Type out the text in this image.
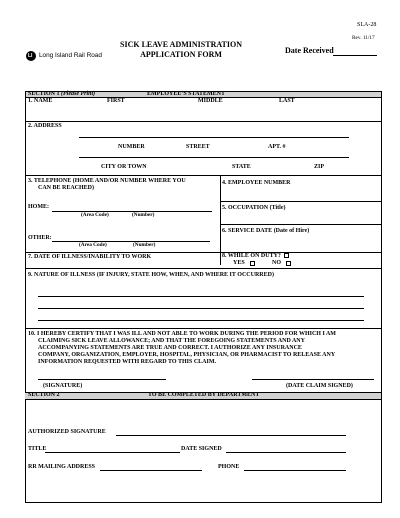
SLA-28
Rev. 11/17
LI Long Island Rail Road
SICK LEAVE ADMINISTRATION
APPLICATION FORM	Date Received
SECTION 1 (Please Print)	EMPLOYEE’S STATEMENT
1. NAME	FIRST	MIDDLE	LAST
2. ADDRESS
NUMBER	STREET	APT. #
CITY OR TOWN	STATE	ZIP
3. TELEPHONE (HOME AND/OR NUMBER WHERE YOU
CAN BE REACHED)
HOME:
(Area Code)	(Number)
OTHER:
(Area Code)	(Number)
4. EMPLOYEE NUMBER
5. OCCUPATION (Title)
6. SERVICE DATE (Date of Hire)
7. DATE OF ILLNESS/INABILITY TO WORK	8. WHILE ON DUTY?
YES	NO
9. NATURE OF ILLNESS (IF INJURY, STATE HOW, WHEN, AND WHERE IT OCCURRED)
10. I HEREBY CERTIFY THAT I WAS ILL AND NOT ABLE TO WORK DURING THE PERIOD FOR WHICH I AM
CLAIMING SICK LEAVE ALLOWANCE; AND THAT THE FOREGOING STATEMENTS AND ANY
ACCOMPANYING STATEMENTS ARE TRUE AND CORRECT. I AUTHORIZE ANY INSURANCE
COMPANY, ORGANIZATION, EMPLOYER, HOSPITAL, PHYSICIAN, OR PHARMACIST TO RELEASE ANY
INFORMATION REQUESTED WITH REGARD TO THIS CLAIM.
(SIGNATURE)	(DATE CLAIM SIGNED)
SECTION 2	TO BE COMPLETED BY DEPARTMENT
AUTHORIZED SIGNATURE
TITLE	DATE SIGNED
RR MAILING ADDRESS	PHONE
